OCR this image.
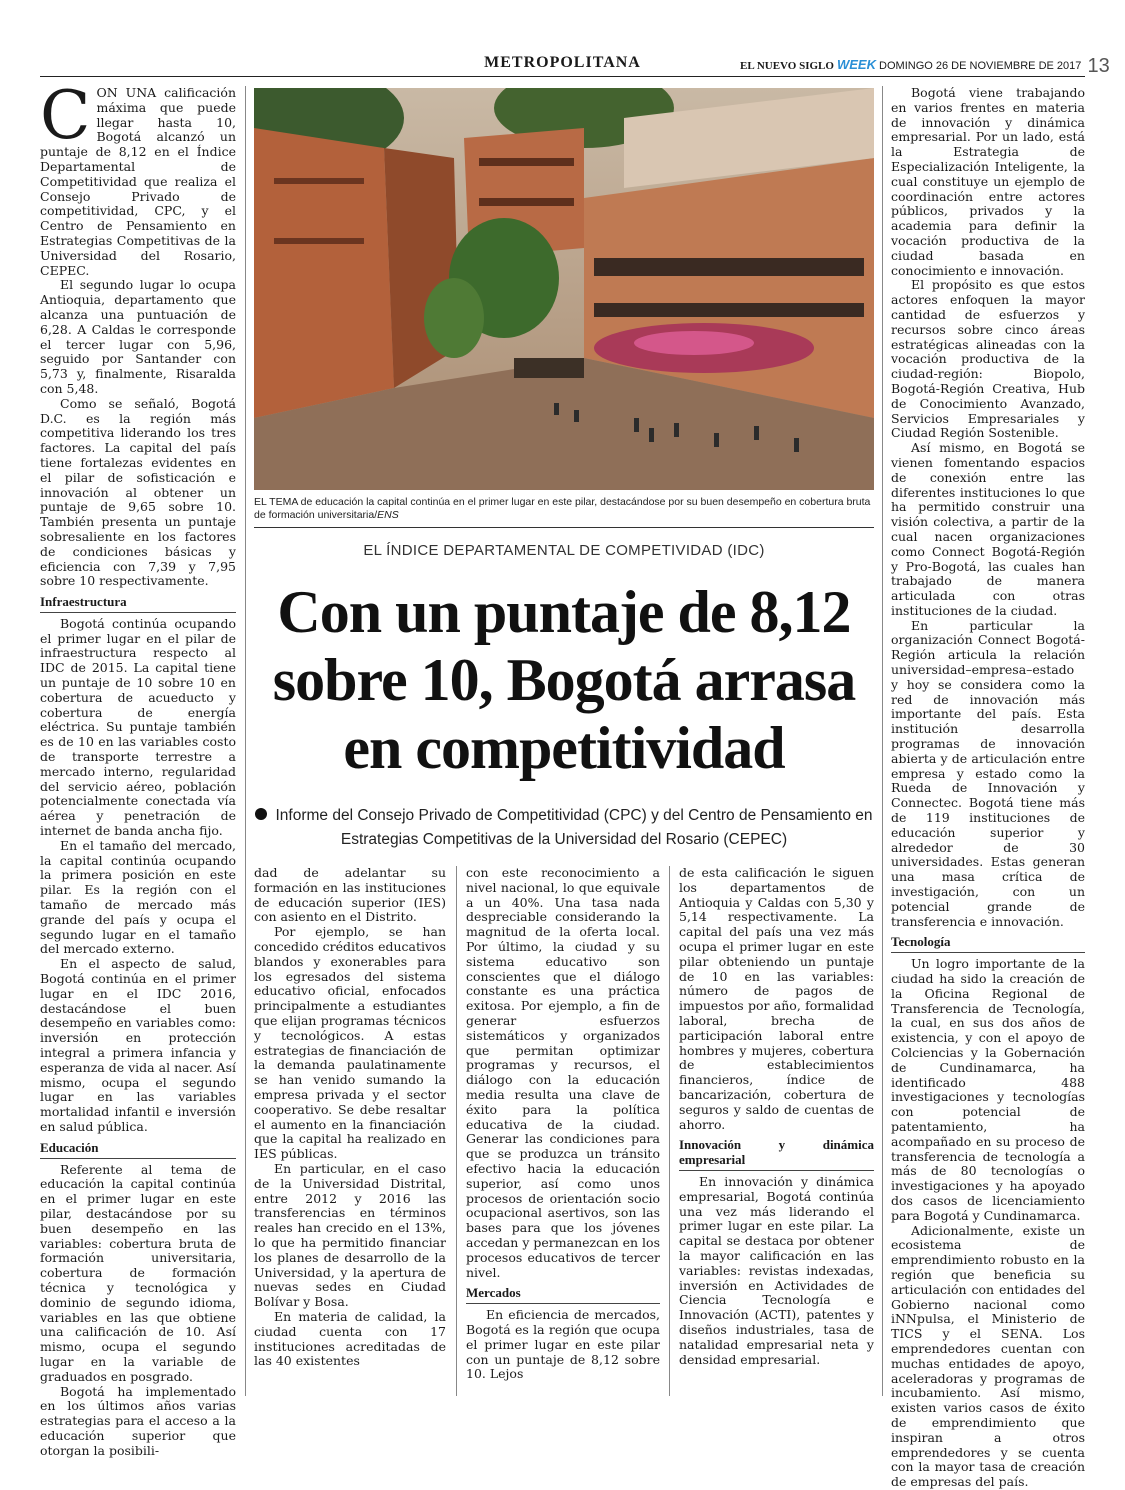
METROPOLITANA	EL NUEVO SIGLO WEEK DOMINGO 26 DE NOVIEMBRE DE 2017 13

CON UNA calificación máxima que puede llegar hasta 10, Bogotá alcanzó un puntaje de 8,12 en el Índice Departamental de Competitividad que realiza el Consejo Privado de competitividad, CPC, y el Centro de Pensamiento en Estrategias Competitivas de la Universidad del Rosario, CEPEC.

El segundo lugar lo ocupa Antioquia, departamento que alcanza una puntuación de 6,28. A Caldas le corresponde el tercer lugar con 5,96, seguido por Santander con 5,73 y, finalmente, Risaralda con 5,48.

Como se señaló, Bogotá D.C. es la región más competitiva liderando los tres factores. La capital del país tiene fortalezas evidentes en el pilar de sofisticación e innovación al obtener un puntaje de 9,65 sobre 10. También presenta un puntaje sobresaliente en los factores de condiciones básicas y eficiencia con 7,39 y 7,95 sobre 10 respectivamente.

Infraestructura

Bogotá continúa ocupando el primer lugar en el pilar de infraestructura respecto al IDC de 2015. La capital tiene un puntaje de 10 sobre 10 en cobertura de acueducto y cobertura de energía eléctrica. Su puntaje también es de 10 en las variables costo de transporte terrestre a mercado interno, regularidad del servicio aéreo, población potencialmente conectada vía aérea y penetración de internet de banda ancha fijo.

En el tamaño del mercado, la capital continúa ocupando la primera posición en este pilar. Es la región con el tamaño de mercado más grande del país y ocupa el segundo lugar en el tamaño del mercado externo.

En el aspecto de salud, Bogotá continúa en el primer lugar en el IDC 2016, destacándose el buen desempeño en variables como: inversión en protección integral a primera infancia y esperanza de vida al nacer. Así mismo, ocupa el segundo lugar en las variables mortalidad infantil e inversión en salud pública.

Educación

Referente al tema de educación la capital continúa en el primer lugar en este pilar, destacándose por su buen desempeño en las variables: cobertura bruta de formación universitaria, cobertura de formación técnica y tecnológica y dominio de segundo idioma, variables en las que obtiene una calificación de 10. Así mismo, ocupa el segundo lugar en la variable de graduados en posgrado.

Bogotá ha implementado en los últimos años varias estrategias para el acceso a la educación superior que otorgan la posibili-

EL TEMA de educación la capital continúa en el primer lugar en este pilar, destacándose por su buen desempeño en cobertura bruta de formación universitaria/ENS
EL ÍNDICE DEPARTAMENTAL DE COMPETIVIDAD (IDC)
Con un puntaje de 8,12 sobre 10, Bogotá arrasa en competitividad
Informe del Consejo Privado de Competitividad (CPC) y del Centro de Pensamiento en Estrategias Competitivas de la Universidad del Rosario (CEPEC)

dad de adelantar su formación en las instituciones de educación superior (IES) con asiento en el Distrito.

Por ejemplo, se han concedido créditos educativos blandos y exonerables para los egresados del sistema educativo oficial, enfocados principalmente a estudiantes que elijan programas técnicos y tecnológicos. A estas estrategias de financiación de la demanda paulatinamente se han venido sumando la empresa privada y el sector cooperativo. Se debe resaltar el aumento en la financiación que la capital ha realizado en IES públicas.

En particular, en el caso de la Universidad Distrital, entre 2012 y 2016 las transferencias en términos reales han crecido en el 13%, lo que ha permitido financiar los planes de desarrollo de la Universidad, y la apertura de nuevas sedes en Ciudad Bolívar y Bosa.

En materia de calidad, la ciudad cuenta con 17 instituciones acreditadas de las 40 existentes

con este reconocimiento a nivel nacional, lo que equivale a un 40%. Una tasa nada despreciable considerando la magnitud de la oferta local. Por último, la ciudad y su sistema educativo son conscientes que el diálogo constante es una práctica exitosa. Por ejemplo, a fin de generar esfuerzos sistemáticos y organizados que permitan optimizar programas y recursos, el diálogo con la educación media resulta una clave de éxito para la política educativa de la ciudad. Generar las condiciones para que se produzca un tránsito efectivo hacia la educación superior, así como unos procesos de orientación socio ocupacional asertivos, son las bases para que los jóvenes accedan y permanezcan en los procesos educativos de tercer nivel.

Mercados

En eficiencia de mercados, Bogotá es la región que ocupa el primer lugar en este pilar con un puntaje de 8,12 sobre 10. Lejos

de esta calificación le siguen los departamentos de Antioquia y Caldas con 5,30 y 5,14 respectivamente. La capital del país una vez más ocupa el primer lugar en este pilar obteniendo un puntaje de 10 en las variables: número de pagos de impuestos por año, formalidad laboral, brecha de participación laboral entre hombres y mujeres, cobertura de establecimientos financieros, índice de bancarización, cobertura de seguros y saldo de cuentas de ahorro.

Innovación y dinámica empresarial

En innovación y dinámica empresarial, Bogotá continúa una vez más liderando el primer lugar en este pilar. La capital se destaca por obtener la mayor calificación en las variables: revistas indexadas, inversión en Actividades de Ciencia Tecnología e Innovación (ACTI), patentes y diseños industriales, tasa de natalidad empresarial neta y densidad empresarial.

Bogotá viene trabajando en varios frentes en materia de innovación y dinámica empresarial. Por un lado, está la Estrategia de Especialización Inteligente, la cual constituye un ejemplo de coordinación entre actores públicos, privados y la academia para definir la vocación productiva de la ciudad basada en conocimiento e innovación.

El propósito es que estos actores enfoquen la mayor cantidad de esfuerzos y recursos sobre cinco áreas estratégicas alineadas con la vocación productiva de la ciudad-región: Biopolo, Bogotá-Región Creativa, Hub de Conocimiento Avanzado, Servicios Empresariales y Ciudad Región Sostenible.

Así mismo, en Bogotá se vienen fomentando espacios de conexión entre las diferentes instituciones lo que ha permitido construir una visión colectiva, a partir de la cual nacen organizaciones como Connect Bogotá-Región y Pro-Bogotá, las cuales han trabajado de manera articulada con otras instituciones de la ciudad.

En particular la organización Connect Bogotá-Región articula la relación universidad–empresa–estado y hoy se considera como la red de innovación más importante del país. Esta institución desarrolla programas de innovación abierta y de articulación entre empresa y estado como la Rueda de Innovación y Connectec. Bogotá tiene más de 119 instituciones de educación superior y alrededor de 30 universidades. Estas generan una masa crítica de investigación, con un potencial grande de transferencia e innovación.

Tecnología

Un logro importante de la ciudad ha sido la creación de la Oficina Regional de Transferencia de Tecnología, la cual, en sus dos años de existencia, y con el apoyo de Colciencias y la Gobernación de Cundinamarca, ha identificado 488 investigaciones y tecnologías con potencial de patentamiento, ha acompañado en su proceso de transferencia de tecnología a más de 80 tecnologías o investigaciones y ha apoyado dos casos de licenciamiento para Bogotá y Cundinamarca.

Adicionalmente, existe un ecosistema de emprendimiento robusto en la región que beneficia su articulación con entidades del Gobierno nacional como iNNpulsa, el Ministerio de TICS y el SENA. Los emprendedores cuentan con muchas entidades de apoyo, aceleradoras y programas de incubamiento. Así mismo, existen varios casos de éxito de emprendimiento que inspiran a otros emprendedores y se cuenta con la mayor tasa de creación de empresas del país.
